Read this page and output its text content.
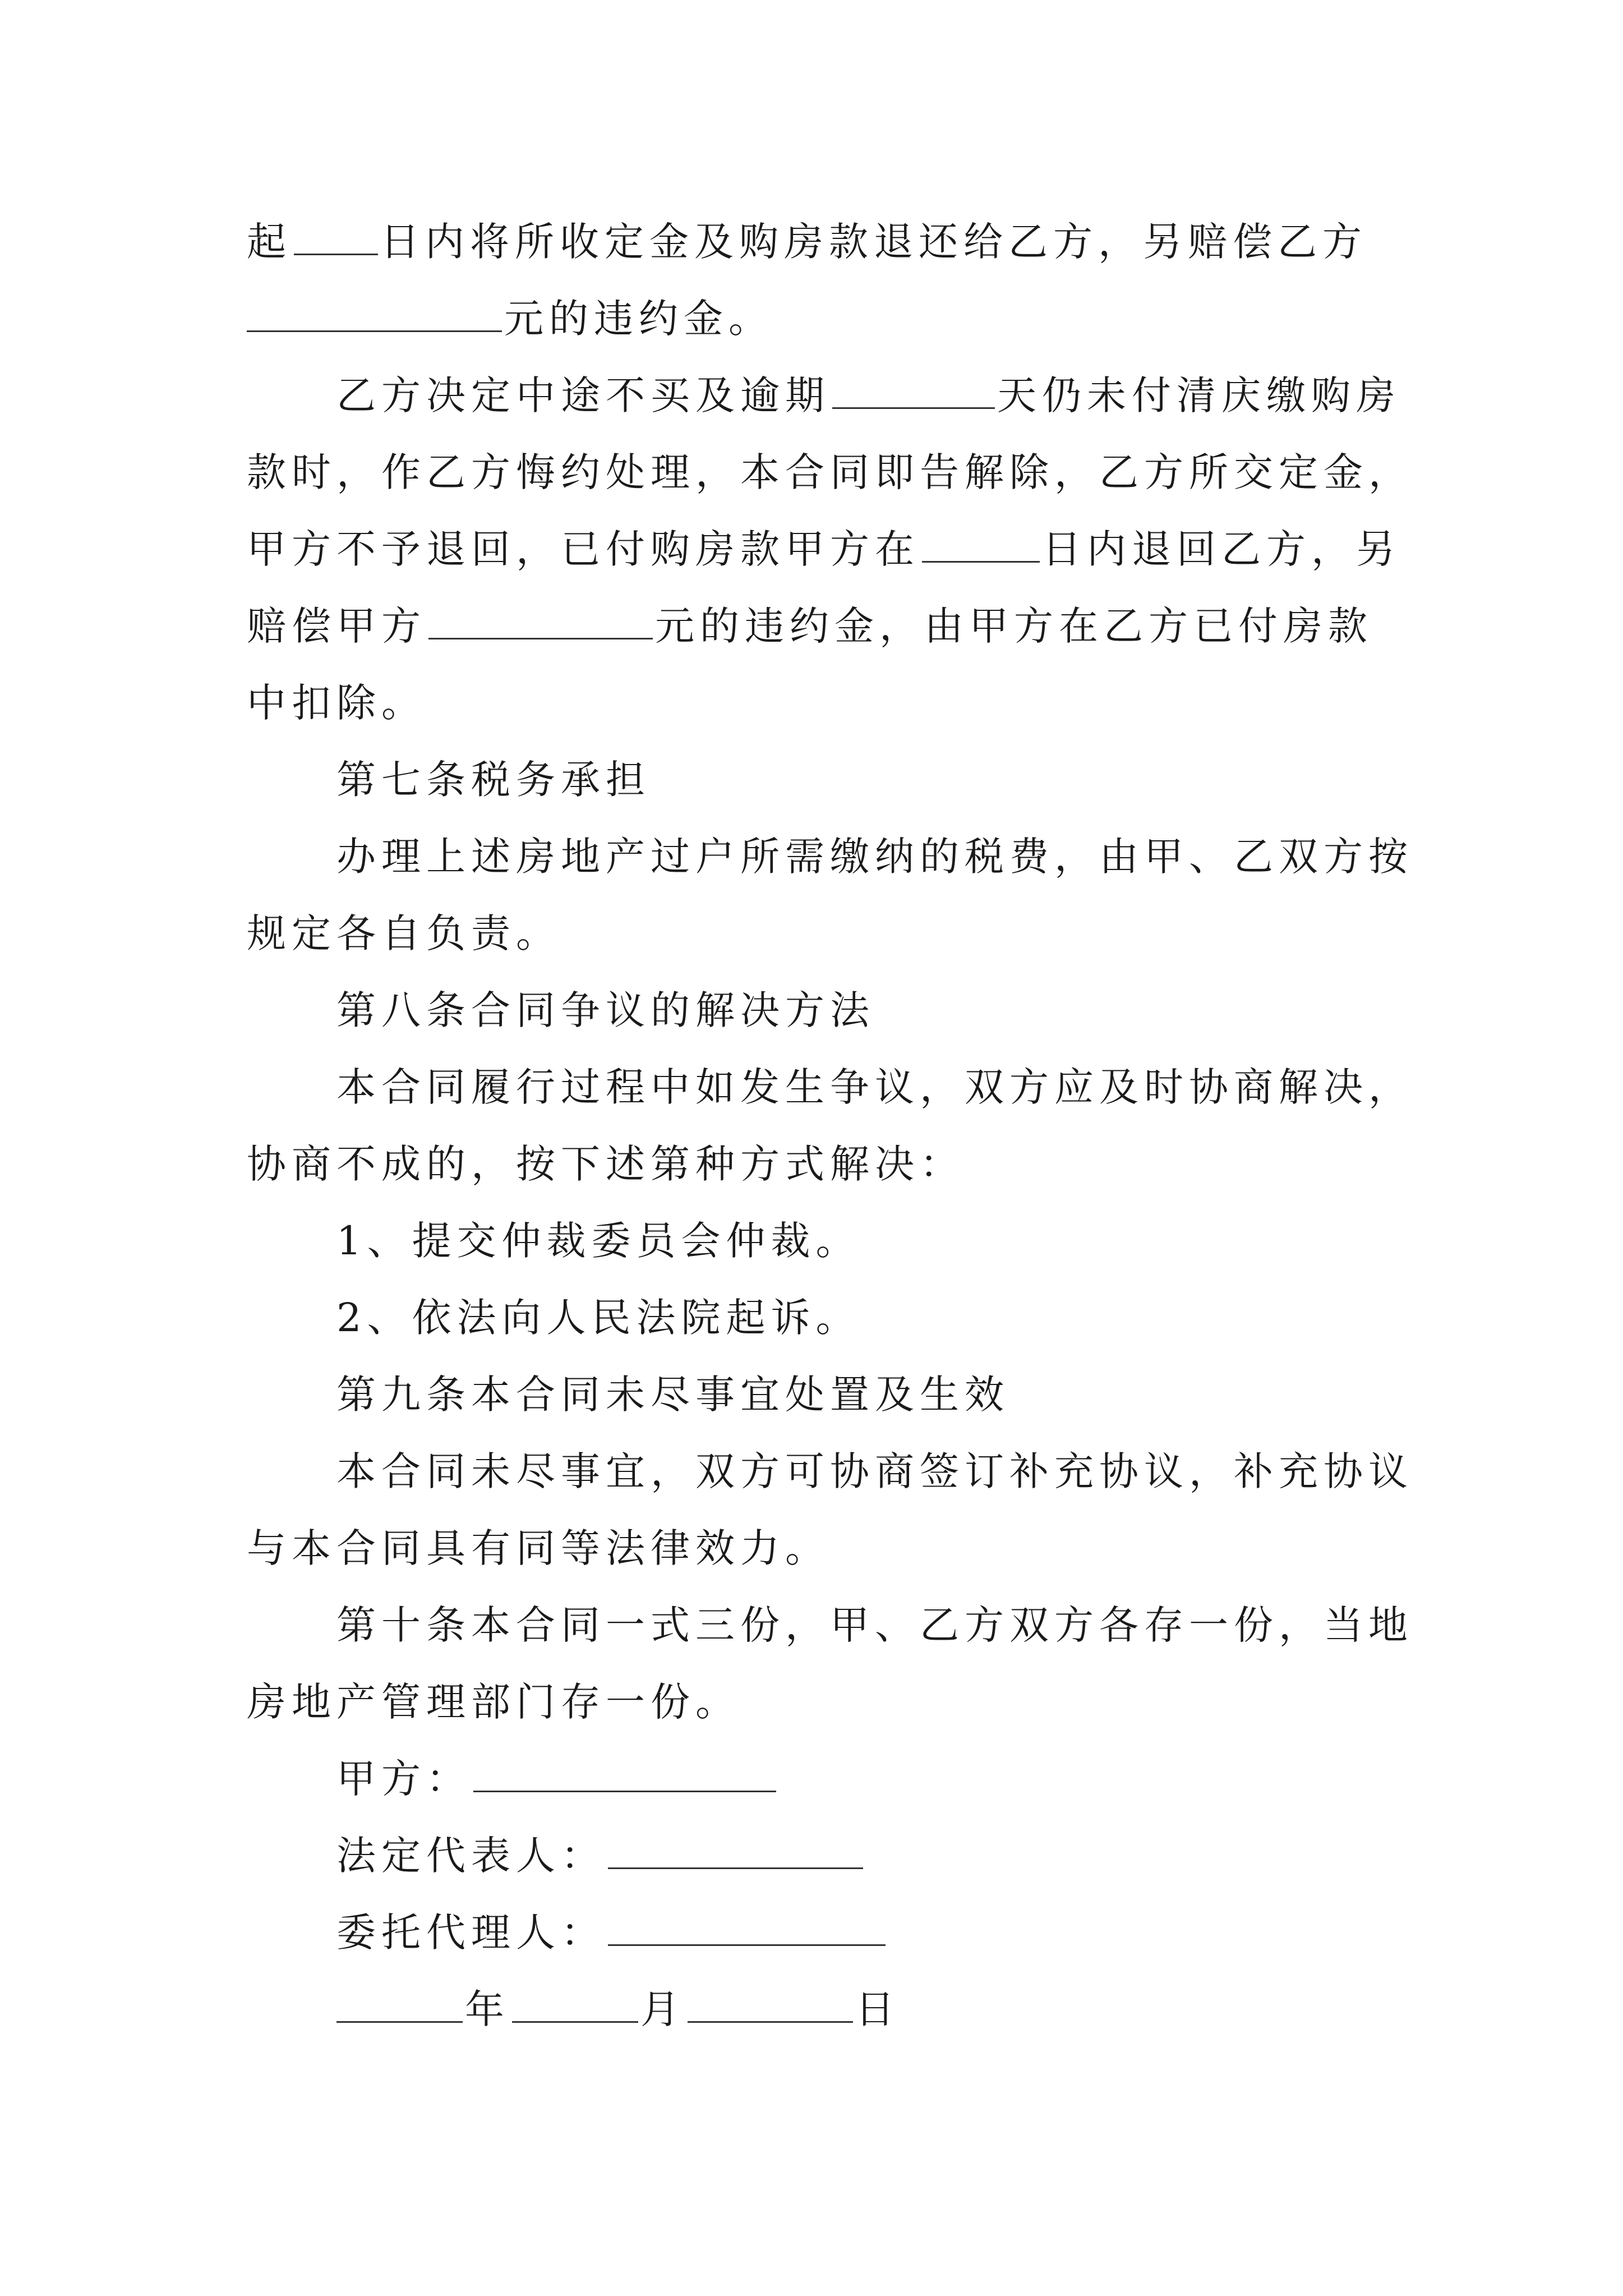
起 日内将所收定金及购房款退还给乙方，另赔偿乙方
元的违约金。
乙方决定中途不买及逾期	天仍未付清庆缴购房
款时，作乙方悔约处理，本合同即告解除，乙方所交定金，
甲方不予退回，已付购房款甲方在	日内退回乙方，另
赔偿甲方	元的违约金，由甲方在乙方已付房款
中扣除。
第七条税务承担
办理上述房地产过户所需缴纳的税费，由甲、乙双方按
规定各自负责。
第八条合同争议的解决方法
本合同履行过程中如发生争议，双方应及时协商解决，
协商不成的，按下述第种方式解决：
1、提交仲裁委员会仲裁。
2、依法向人民法院起诉。
第九条本合同未尽事宜处置及生效
本合同未尽事宜，双方可协商签订补充协议，补充协议
与本合同具有同等法律效力。
第十条本合同一式三份，甲、乙方双方各存一份，当地
房地产管理部门存一份。
甲方：
法定代表人：
委托代理人：
年	月	日
